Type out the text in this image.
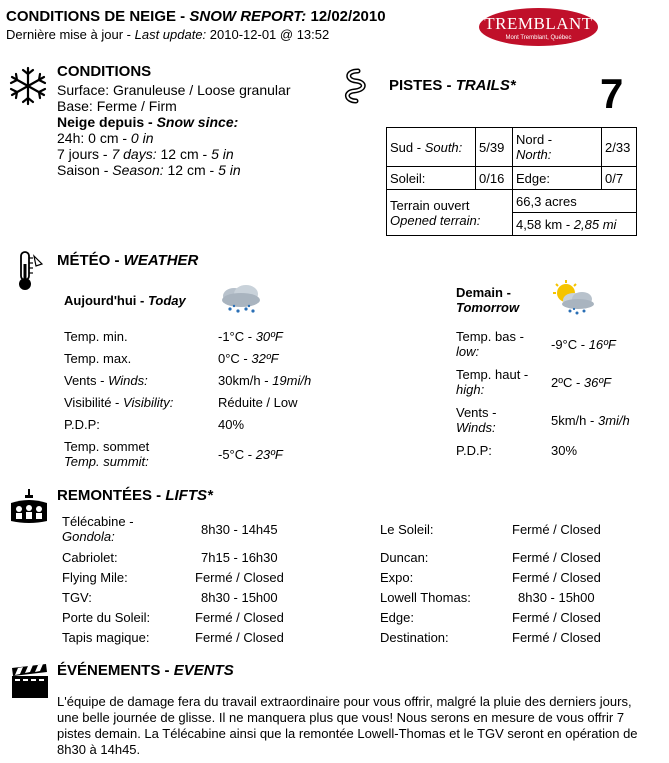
CONDITIONS DE NEIGE - SNOW REPORT: 12/02/2010
Dernière mise à jour - Last update: 2010-12-01 @ 13:52
TREMBLANT
Mont Tremblant, Québec
CONDITIONS
Surface: Granuleuse / Loose granular
Base: Ferme / Firm
Neige depuis - Snow since:
24h: 0 cm - 0 in
7 jours - 7 days: 12 cm - 5 in
Saison - Season: 12 cm - 5 in
PISTES - TRAILS* 7
Sud - South:	5/39	Nord -
North:	2/33
Soleil:	0/16	Edge:	0/7
Terrain ouvert
Opened terrain:		66,3 acres	
		4,58 km - 2,85 mi	
MÉTÉO - WEATHER
Aujourd'hui - Today
Temp. min.	-1°C - 30ºF
Temp. max.	0°C - 32ºF
Vents - Winds:	30km/h - 19mi/h
Visibilité - Visibility:	Réduite / Low
P.D.P:	40%
Temp. sommet
Temp. summit:	-5°C - 23ºF
Demain -
Tomorrow
Temp. bas -
low:	-9°C - 16ºF
Temp. haut -
high:	2ºC - 36ºF
Vents -
Winds:	5km/h - 3mi/h
P.D.P:	30%
REMONTÉES - LIFTS*
Télécabine -
Gondola:	8h30 - 14h45
Cabriolet:	7h15 - 16h30
Flying Mile:	Fermé / Closed
TGV:	8h30 - 15h00
Porte du Soleil:	Fermé / Closed
Tapis magique:	Fermé / Closed
Le Soleil:	Fermé / Closed
Duncan:	Fermé / Closed
Expo:	Fermé / Closed
Lowell Thomas:	8h30 - 15h00
Edge:	Fermé / Closed
Destination:	Fermé / Closed
ÉVÉNEMENTS - EVENTS
L'équipe de damage fera du travail extraordinaire pour vous offrir, malgré la pluie des derniers jours, une belle journée de glisse. Il ne manquera plus que vous! Nous serons en mesure de vous offrir 7 pistes demain. La Télécabine ainsi que la remontée Lowell-Thomas et le TGV seront en opération de 8h30 à 14h45.
